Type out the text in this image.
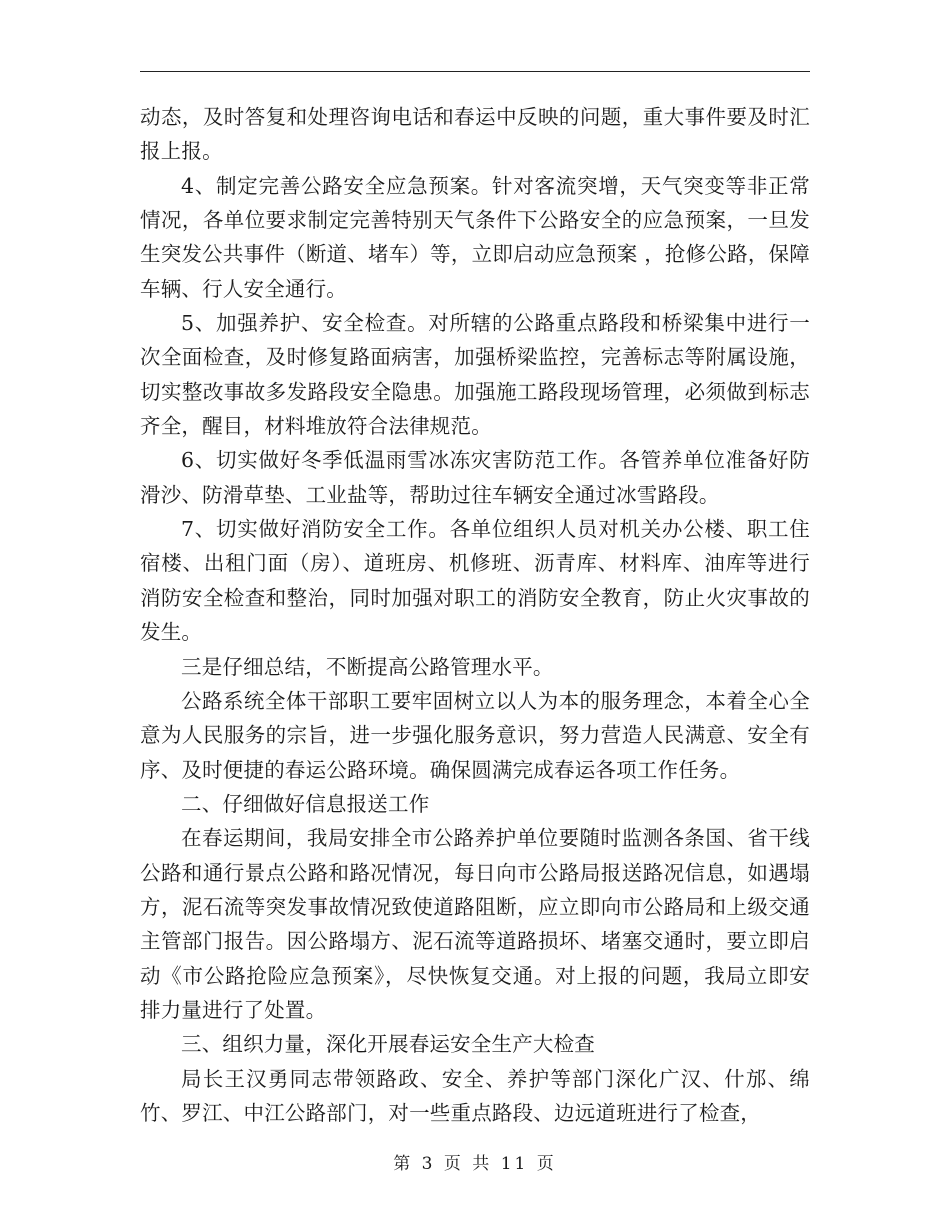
动态，及时答复和处理咨询电话和春运中反映的问题，重大事件要及时汇报上报。

4、制定完善公路安全应急预案。针对客流突增，天气突变等非正常情况，各单位要求制定完善特别天气条件下公路安全的应急预案，一旦发生突发公共事件（断道、堵车）等，立即启动应急预案 ，抢修公路，保障车辆、行人安全通行。

5、加强养护、安全检查。对所辖的公路重点路段和桥梁集中进行一次全面检查，及时修复路面病害，加强桥梁监控，完善标志等附属设施，切实整改事故多发路段安全隐患。加强施工路段现场管理，必须做到标志齐全，醒目，材料堆放符合法律规范。

6、切实做好冬季低温雨雪冰冻灾害防范工作。各管养单位准备好防滑沙、防滑草垫、工业盐等，帮助过往车辆安全通过冰雪路段。

7、切实做好消防安全工作。各单位组织人员对机关办公楼、职工住宿楼、出租门面（房）、道班房、机修班、沥青库、材料库、油库等进行消防安全检查和整治，同时加强对职工的消防安全教育，防止火灾事故的发生。

三是仔细总结，不断提高公路管理水平。

公路系统全体干部职工要牢固树立以人为本的服务理念，本着全心全意为人民服务的宗旨，进一步强化服务意识，努力营造人民满意、安全有序、及时便捷的春运公路环境。确保圆满完成春运各项工作任务。

二、仔细做好信息报送工作

在春运期间，我局安排全市公路养护单位要随时监测各条国、省干线公路和通行景点公路和路况情况，每日向市公路局报送路况信息，如遇塌方，泥石流等突发事故情况致使道路阻断，应立即向市公路局和上级交通主管部门报告。因公路塌方、泥石流等道路损坏、堵塞交通时，要立即启动《市公路抢险应急预案》，尽快恢复交通。对上报的问题，我局立即安排力量进行了处置。

三、组织力量，深化开展春运安全生产大检查

局长王汉勇同志带领路政、安全、养护等部门深化广汉、什邡、绵竹、罗江、中江公路部门，对一些重点路段、边远道班进行了检查，

第 3 页 共 11 页
